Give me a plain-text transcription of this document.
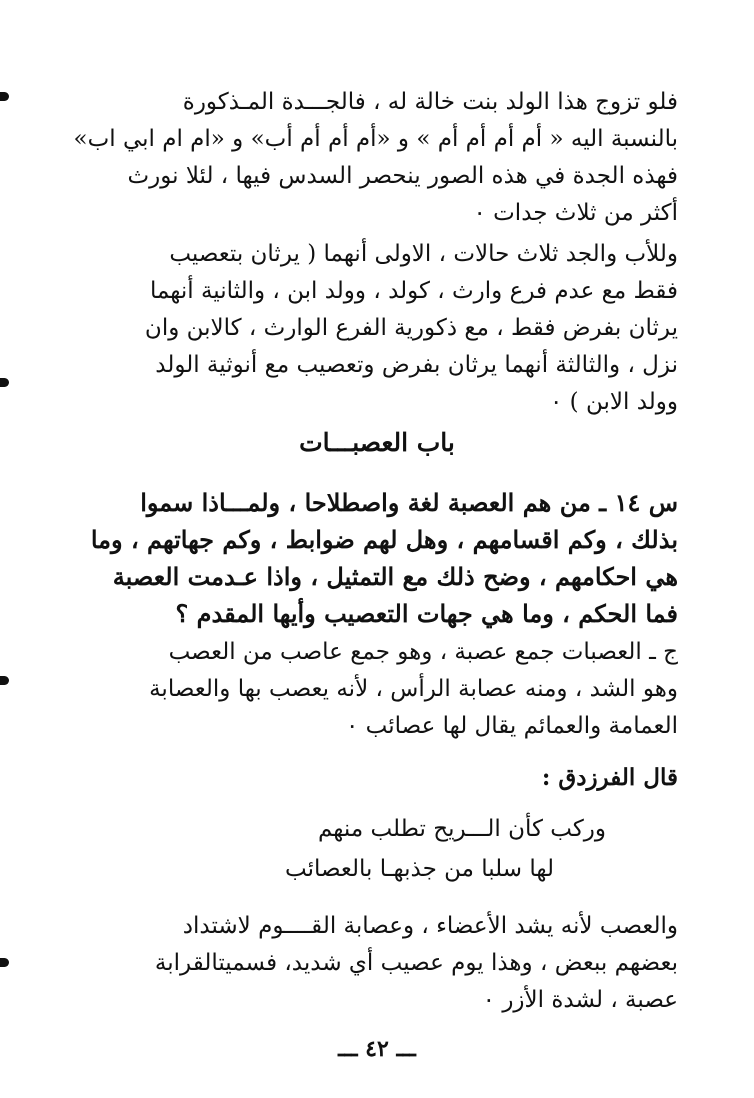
فلو تزوج هذا الولد بنت خالة له ، فالجـــدة المـذكورة
بالنسبة اليه « أم أم أم أم » و «أم أم أم أب» و «ام ام ابي اب»
فهذه الجدة في هذه الصور ينحصر السدس فيها ، لئلا نورث
أكثر من ثلاث جدات ٠

وللأب والجد ثلاث حالات ، الاولى أنهما ( يرثان بتعصيب
فقط مع عدم فرع وارث ، كولد ، وولد ابن ، والثانية أنهما
يرثان بفرض فقط ، مع ذكورية الفرع الوارث ، كالابن وان
نزل ، والثالثة أنهما يرثان بفرض وتعصيب مع أنوثية الولد
وولد الابن ) ٠

باب العصبـــات

س ١٤ ـ من هم العصبة لغة واصطلاحا ، ولمـــاذا سموا
بذلك ، وكم اقسامهم ، وهل لهم ضوابط ، وكم جهاتهم ، وما
هي احكامهم ، وضح ذلك مع التمثيل ، واذا عـدمت العصبة
فما الحكم ، وما هي جهات التعصيب وأيها المقدم ؟

ج ـ العصبات جمع عصبة ، وهو جمع عاصب من العصب
وهو الشد ، ومنه عصابة الرأس ، لأنه يعصب بها والعصابة
العمامة والعمائم يقال لها عصائب ٠

قال الفرزدق :

وركب كأن الـــريح تطلب منهم

لها سلبا من جذبهـا بالعصائب

والعصب لأنه يشد الأعضاء ، وعصابة القــــوم لاشتداد
بعضهم ببعض ، وهذا يوم عصيب أي شديد، فسميتالقرابة
عصبة ، لشدة الأزر ٠

ـــ ٤٢ ـــ
